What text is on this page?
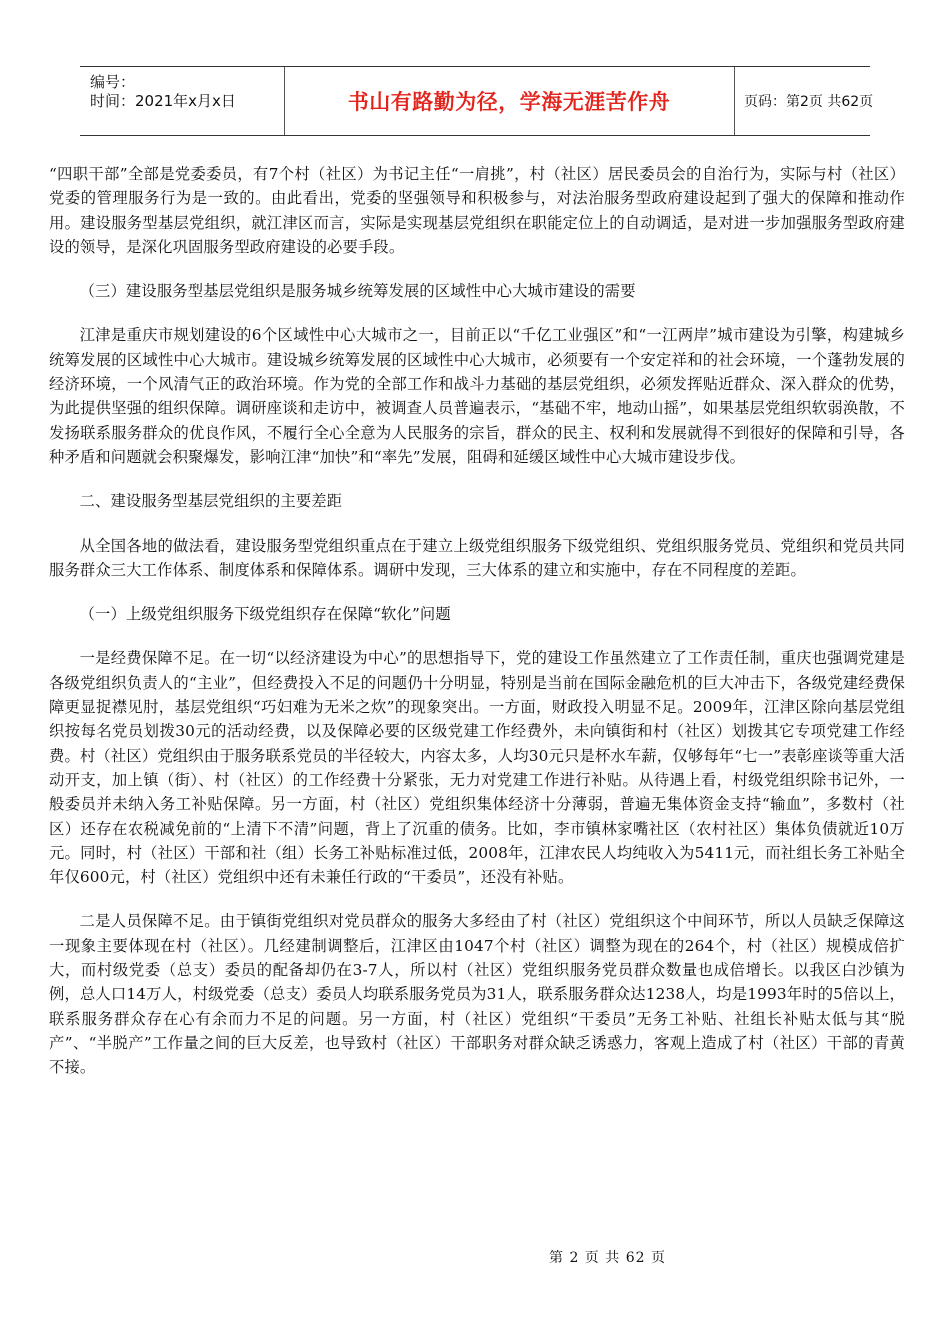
编号：
时间：2021年x月x日	书山有路勤为径，学海无涯苦作舟	页码：第2页 共62页

“四职干部”全部是党委委员，有7个村（社区）为书记主任“一肩挑”，村（社区）居民委员会的自治行为，实际与村（社区）党委的管理服务行为是一致的。由此看出，党委的坚强领导和积极参与，对法治服务型政府建设起到了强大的保障和推动作用。建设服务型基层党组织，就江津区而言，实际是实现基层党组织在职能定位上的自动调适，是对进一步加强服务型政府建设的领导，是深化巩固服务型政府建设的必要手段。

（三）建设服务型基层党组织是服务城乡统筹发展的区域性中心大城市建设的需要

江津是重庆市规划建设的6个区域性中心大城市之一，目前正以“千亿工业强区”和“一江两岸”城市建设为引擎，构建城乡统筹发展的区域性中心大城市。建设城乡统筹发展的区域性中心大城市，必须要有一个安定祥和的社会环境，一个蓬勃发展的经济环境，一个风清气正的政治环境。作为党的全部工作和战斗力基础的基层党组织，必须发挥贴近群众、深入群众的优势，为此提供坚强的组织保障。调研座谈和走访中，被调查人员普遍表示，“基础不牢，地动山摇”，如果基层党组织软弱涣散，不发扬联系服务群众的优良作风，不履行全心全意为人民服务的宗旨，群众的民主、权利和发展就得不到很好的保障和引导，各种矛盾和问题就会积聚爆发，影响江津“加快”和“率先”发展，阻碍和延缓区域性中心大城市建设步伐。

二、建设服务型基层党组织的主要差距

从全国各地的做法看，建设服务型党组织重点在于建立上级党组织服务下级党组织、党组织服务党员、党组织和党员共同服务群众三大工作体系、制度体系和保障体系。调研中发现，三大体系的建立和实施中，存在不同程度的差距。

（一）上级党组织服务下级党组织存在保障“软化”问题

一是经费保障不足。在一切“以经济建设为中心”的思想指导下，党的建设工作虽然建立了工作责任制，重庆也强调党建是各级党组织负责人的“主业”，但经费投入不足的问题仍十分明显，特别是当前在国际金融危机的巨大冲击下，各级党建经费保障更显捉襟见肘，基层党组织“巧妇难为无米之炊”的现象突出。一方面，财政投入明显不足。2009年，江津区除向基层党组织按每名党员划拨30元的活动经费，以及保障必要的区级党建工作经费外，未向镇街和村（社区）划拨其它专项党建工作经费。村（社区）党组织由于服务联系党员的半径较大，内容太多，人均30元只是杯水车薪，仅够每年“七一”表彰座谈等重大活动开支，加上镇（街）、村（社区）的工作经费十分紧张，无力对党建工作进行补贴。从待遇上看，村级党组织除书记外，一般委员并未纳入务工补贴保障。另一方面，村（社区）党组织集体经济十分薄弱，普遍无集体资金支持“输血”，多数村（社区）还存在农税减免前的“上清下不清”问题，背上了沉重的债务。比如，李市镇林家嘴社区（农村社区）集体负债就近10万元。同时，村（社区）干部和社（组）长务工补贴标准过低，2008年，江津农民人均纯收入为5411元，而社组长务工补贴全年仅600元，村（社区）党组织中还有未兼任行政的“干委员”，还没有补贴。

二是人员保障不足。由于镇街党组织对党员群众的服务大多经由了村（社区）党组织这个中间环节，所以人员缺乏保障这一现象主要体现在村（社区）。几经建制调整后，江津区由1047个村（社区）调整为现在的264个，村（社区）规模成倍扩大，而村级党委（总支）委员的配备却仍在3-7人，所以村（社区）党组织服务党员群众数量也成倍增长。以我区白沙镇为例，总人口14万人，村级党委（总支）委员人均联系服务党员为31人，联系服务群众达1238人，均是1993年时的5倍以上，联系服务群众存在心有余而力不足的问题。另一方面，村（社区）党组织“干委员”无务工补贴、社组长补贴太低与其“脱产”、“半脱产”工作量之间的巨大反差，也导致村（社区）干部职务对群众缺乏诱惑力，客观上造成了村（社区）干部的青黄不接。

第 2 页 共 62 页
